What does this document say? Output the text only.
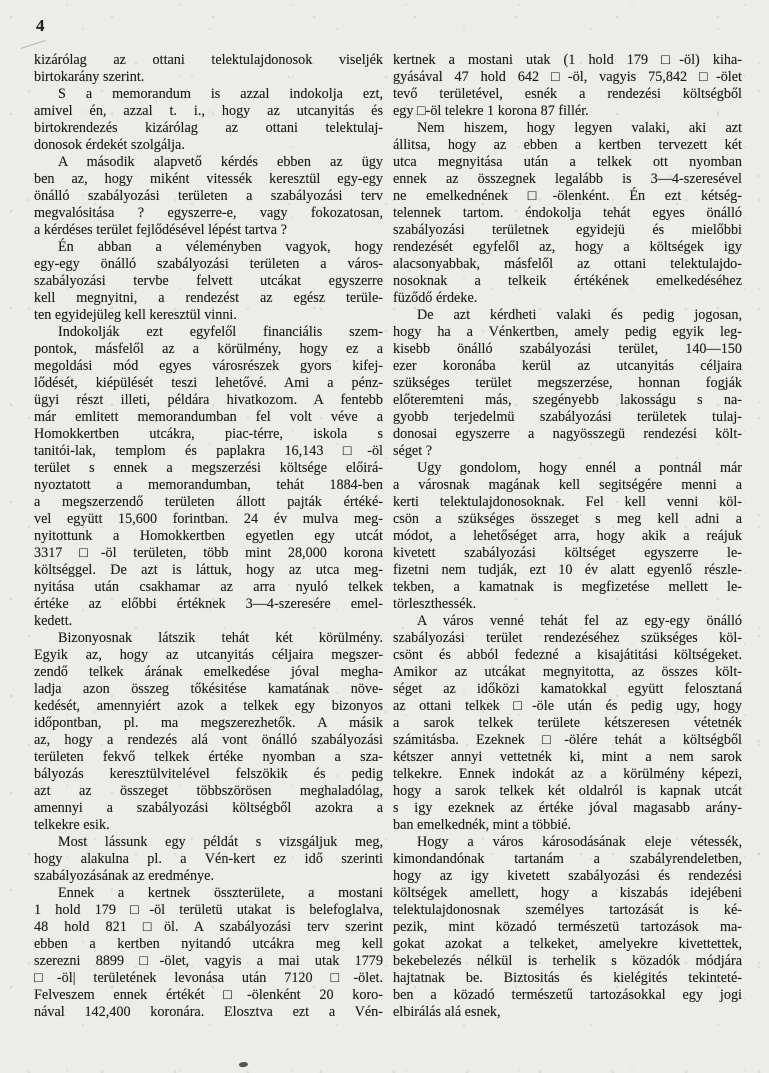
4
kizárólag az ottani telektulajdonosok viseljék
birtokarány szerint.
S a memorandum is azzal indokolja ezt,
amivel én, azzal t. i., hogy az utcanyitás és
birtokrendezés kizárólag az ottani telektulaj-
donosok érdekét szolgálja.
A második alapvető kérdés ebben az ügy
ben az, hogy miként vitessék keresztül egy-egy
önálló szabályozási területen a szabályozási terv
megvalósitása ? egyszerre-e, vagy fokozatosan,
a kérdéses terület fejlődésével lépést tartva ?
Én abban a véleményben vagyok, hogy
egy-egy önálló szabályozási területen a város-
szabályozási tervbe felvett utcákat egyszerre
kell megnyitni, a rendezést az egész terüle-
ten egyidejüleg kell keresztül vinni.
Indokolják ezt egyfelől financiális szem-
pontok, másfelől az a körülmény, hogy ez a
megoldási mód egyes városrészek gyors kifej-
lődését, kiépülését teszi lehetővé. Ami a pénz-
ügyi részt illeti, példára hivatkozom. A fentebb
már emlitett memorandumban fel volt véve a
Homokkertben utcákra, piac-térre, iskola s
tanitói-lak, templom és paplakra 16,143 □-öl
terület s ennek a megszerzési költsége előirá-
nyoztatott a memorandumban, tehát 1884-ben
a megszerzendő területen állott pajták értéké-
vel együtt 15,600 forintban. 24 év mulva meg-
nyitottunk a Homokkertben egyetlen egy utcát
3317 □-öl területen, több mint 28,000 korona
költséggel. De azt is láttuk, hogy az utca meg-
nyitása után csakhamar az arra nyuló telkek
értéke az előbbi értéknek 3—4-szeresére emel-
kedett.
Bizonyosnak látszik tehát két körülmény.
Egyik az, hogy az utcanyitás céljaira megszer-
zendő telkek árának emelkedése jóval megha-
ladja azon összeg tőkésitése kamatának növe-
kedését, amennyiért azok a telkek egy bizonyos
időpontban, pl. ma megszerezhetők. A másik
az, hogy a rendezés alá vont önálló szabályozási
területen fekvő telkek értéke nyomban a sza-
bályozás keresztülvitelével felszökik és pedig
azt az összeget többszörösen meghaladólag,
amennyi a szabályozási költségből azokra a
telkekre esik.
Most lássunk egy példát s vizsgáljuk meg,
hogy alakulna pl. a Vén-kert ez idő szerinti
szabályozásának az eredménye.
Ennek a kertnek összterülete, a mostani
1 hold 179 □-öl területü utakat is belefoglalva,
48 hold 821 □öl. A szabályozási terv szerint
ebben a kertben nyitandó utcákra meg kell
szerezni 8899 □-ölet, vagyis a mai utak 1779
□-öl| területének levonása után 7120 □-ölet.
Felveszem ennek értékét □-ölenként 20 koro-
nával 142,400 koronára. Elosztva ezt a Vén-
kertnek a mostani utak (1 hold 179 □-öl) kiha-
gyásával 47 hold 642 □-öl, vagyis 75,842 □-ölet
tevő területével, esnék a rendezési költségből
egy □-öl telekre 1 korona 87 fillér.
Nem hiszem, hogy legyen valaki, aki azt
állitsa, hogy az ebben a kertben tervezett két
utca megnyitása után a telkek ott nyomban
ennek az összegnek legalább is 3—4-szeresével
ne emelkednének □-ölenként. Én ezt kétség-
telennek tartom. éndokolja tehát egyes önálló
szabályozási területnek egyidejü és mielőbbi
rendezését egyfelől az, hogy a költségek igy
alacsonyabbak, másfelől az ottani telektulajdo-
nosoknak a telkeik értékének emelkedéséhez
füződő érdeke.
De azt kérdheti valaki és pedig jogosan,
hogy ha a Vénkertben, amely pedig egyik leg-
kisebb önálló szabályozási terület, 140—150
ezer koronába kerül az utcanyitás céljaira
szükséges terület megszerzése, honnan fogják
előteremteni más, szegényebb lakosságu s na-
gyobb terjedelmü szabályozási területek tulaj-
donosai egyszerre a nagyösszegü rendezési költ-
séget ?
Ugy gondolom, hogy ennél a pontnál már
a városnak magának kell segitségére menni a
kerti telektulajdonosoknak. Fel kell venni köl-
csön a szükséges összeget s meg kell adni a
módot, a lehetőséget arra, hogy akik a reájuk
kivetett szabályozási költséget egyszerre le-
fizetni nem tudják, ezt 10 év alatt egyenlő részle-
tekben, a kamatnak is megfizetése mellett le-
törleszthessék.
A város venné tehát fel az egy-egy önálló
szabályozási terület rendezéséhez szükséges köl-
csönt és abból fedezné a kisajátitási költségeket.
Amikor az utcákat megnyitotta, az összes költ-
séget az időközi kamatokkal együtt felosztaná
az ottani telkek □-öle után és pedig ugy, hogy
a sarok telkek területe kétszeresen vétetnék
számitásba. Ezeknek □-ölére tehát a költségből
kétszer annyi vettetnék ki, mint a nem sarok
telkekre. Ennek indokát az a körülmény képezi,
hogy a sarok telkek két oldalról is kapnak utcát
s igy ezeknek az értéke jóval magasabb arány-
ban emelkednék, mint a többié.
Hogy a város károsodásának eleje vétessék,
kimondandónak tartanám a szabályrendeletben,
hogy az igy kivetett szabályozási és rendezési
költségek amellett, hogy a kiszabás idejébeni
telektulajdonosnak személyes tartozását is ké-
pezik, mint közadó természetü tartozások ma-
gokat azokat a telkeket, amelyekre kivettettek,
bekebelezés nélkül is terhelik s közadók módjára
hajtatnak be. Biztositás és kielégités tekinteté-
ben a közadó természetű tartozásokkal egy jogi
elbirálás alá esnek,
